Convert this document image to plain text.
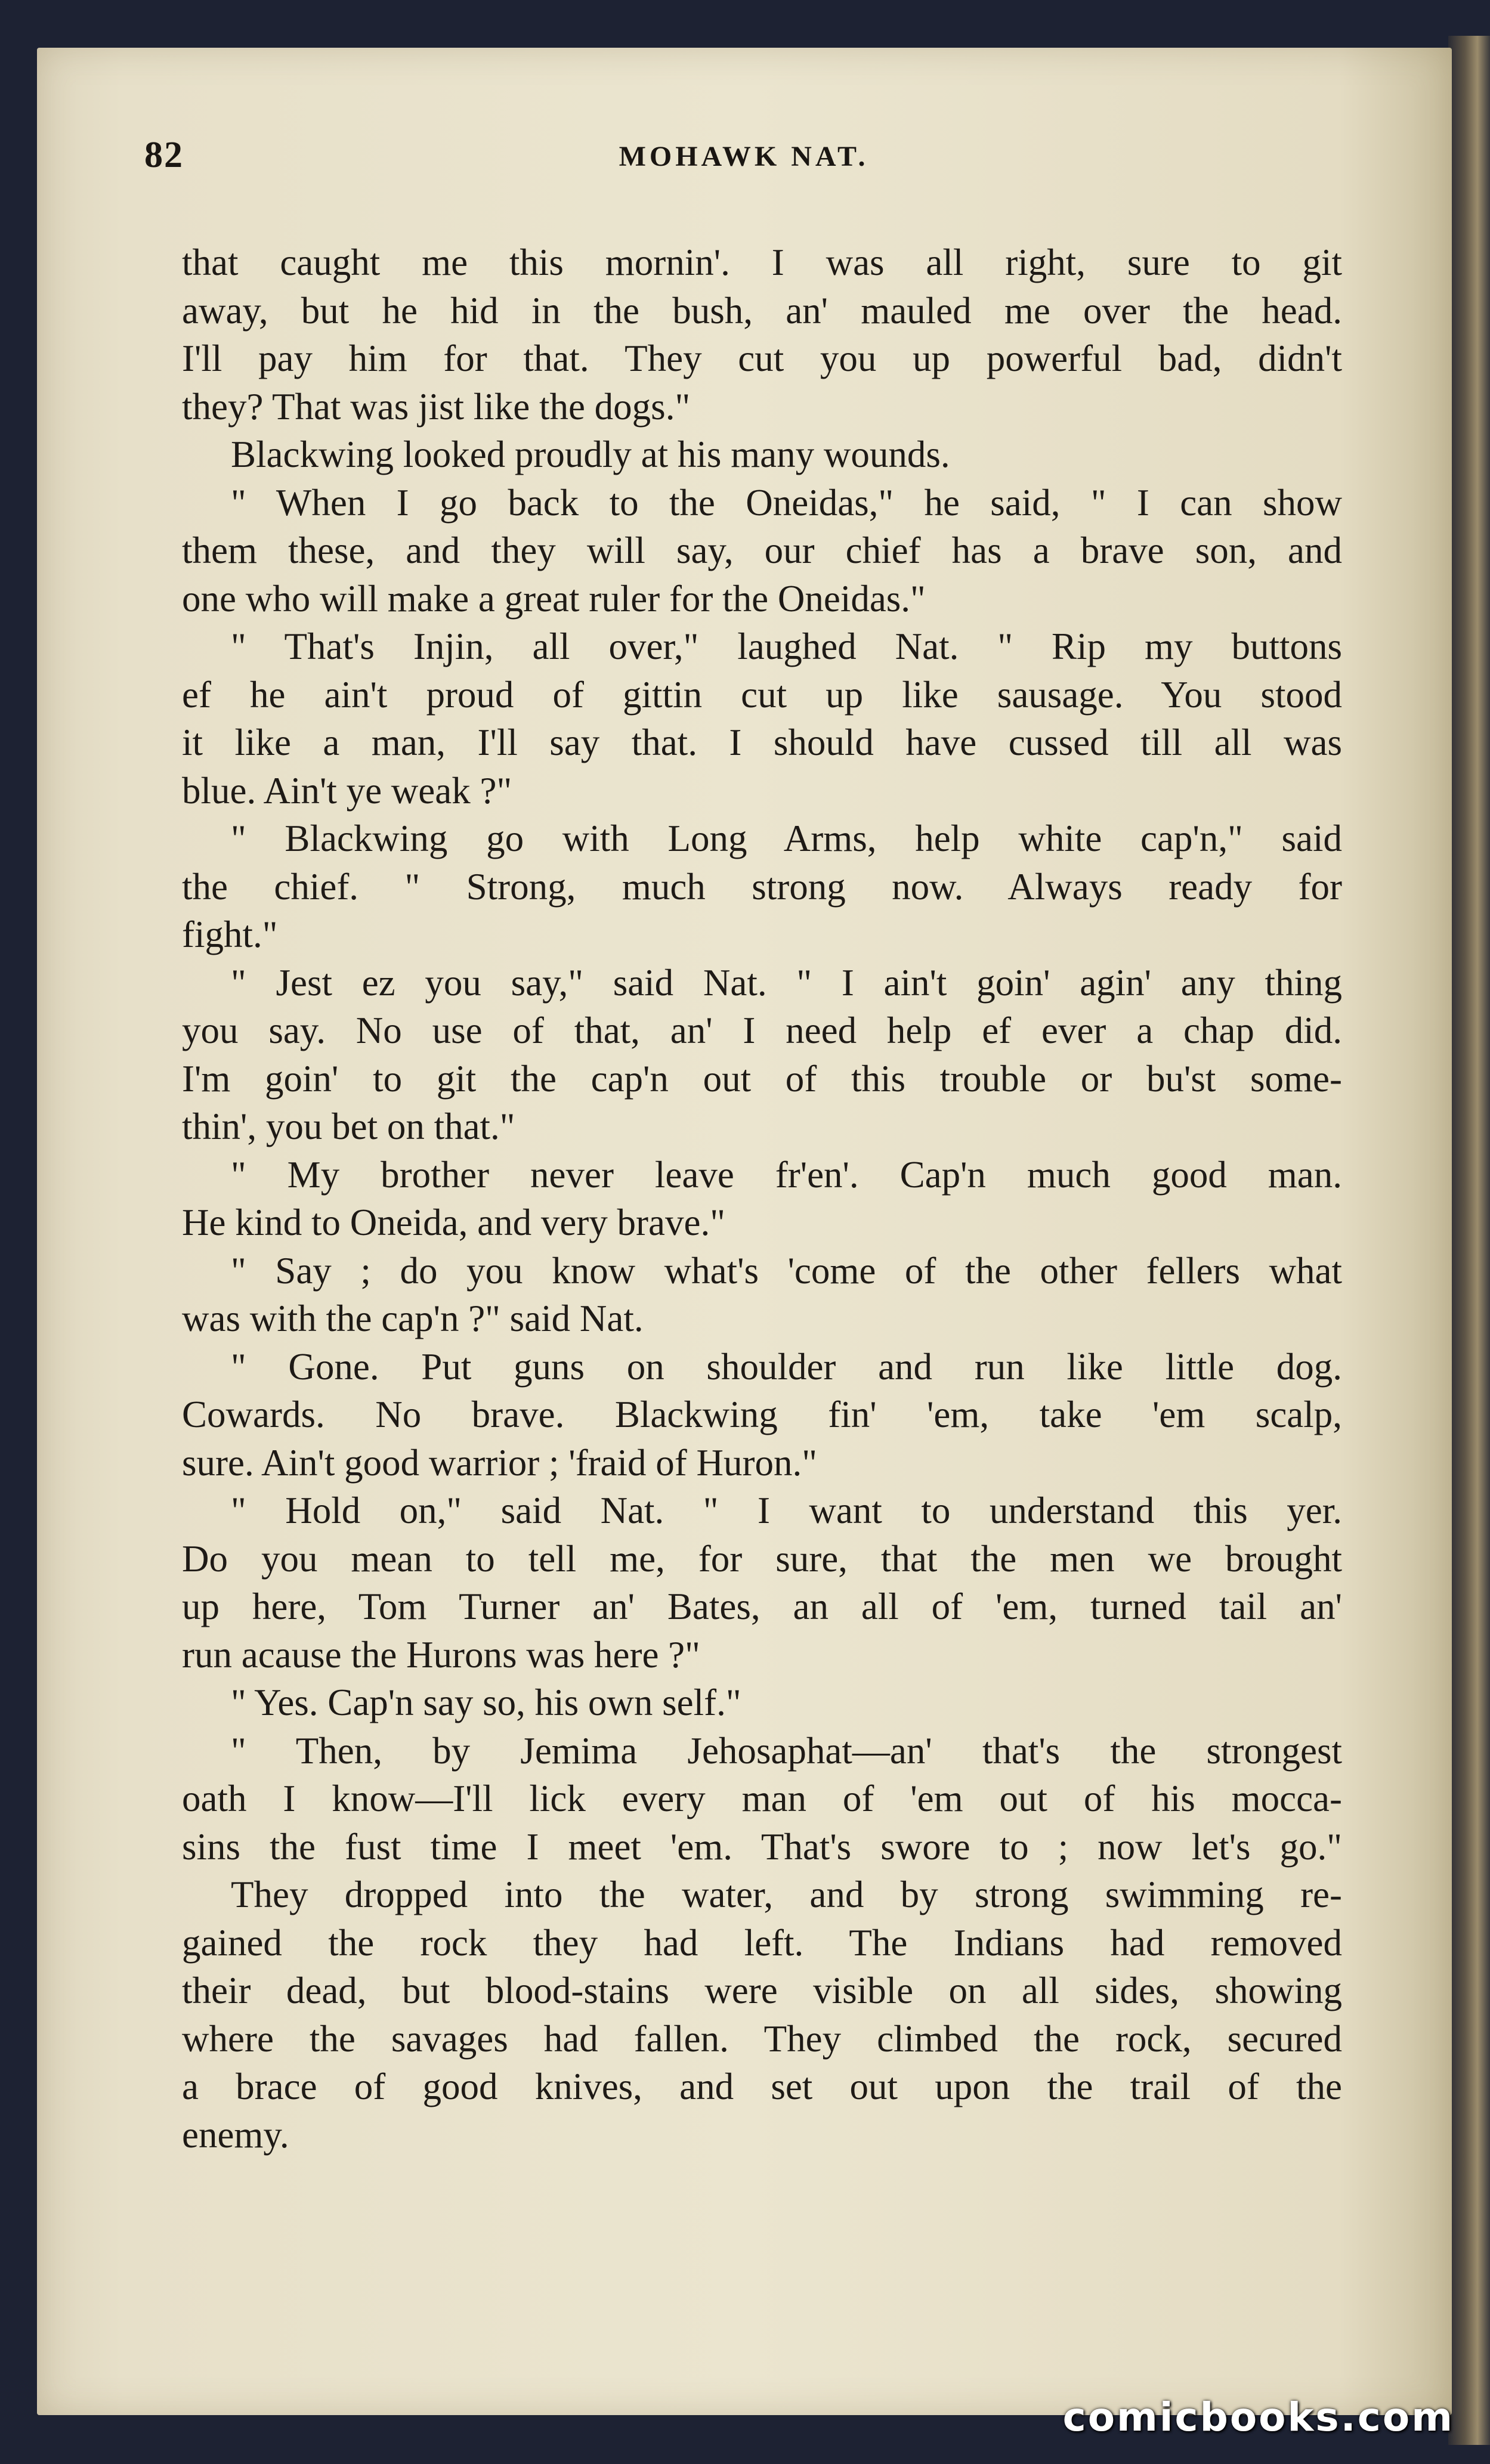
82	MOHAWK NAT.
that caught me this mornin'. I was all right, sure to git
away, but he hid in the bush, an' mauled me over the head.
I'll pay him for that. They cut you up powerful bad, didn't
they? That was jist like the dogs."
Blackwing looked proudly at his many wounds.
" When I go back to the Oneidas," he said, " I can show
them these, and they will say, our chief has a brave son, and
one who will make a great ruler for the Oneidas."
" That's Injin, all over," laughed Nat. " Rip my buttons
ef he ain't proud of gittin cut up like sausage. You stood
it like a man, I'll say that. I should have cussed till all was
blue. Ain't ye weak ?"
" Blackwing go with Long Arms, help white cap'n," said
the chief. " Strong, much strong now. Always ready for
fight."
" Jest ez you say," said Nat. " I ain't goin' agin' any thing
you say. No use of that, an' I need help ef ever a chap did.
I'm goin' to git the cap'n out of this trouble or bu'st some-
thin', you bet on that."
" My brother never leave fr'en'. Cap'n much good man.
He kind to Oneida, and very brave."
" Say ; do you know what's 'come of the other fellers what
was with the cap'n ?" said Nat.
" Gone. Put guns on shoulder and run like little dog.
Cowards. No brave. Blackwing fin' 'em, take 'em scalp,
sure. Ain't good warrior ; 'fraid of Huron."
" Hold on," said Nat. " I want to understand this yer.
Do you mean to tell me, for sure, that the men we brought
up here, Tom Turner an' Bates, an all of 'em, turned tail an'
run acause the Hurons was here ?"
" Yes. Cap'n say so, his own self."
" Then, by Jemima Jehosaphat—an' that's the strongest
oath I know—I'll lick every man of 'em out of his mocca-
sins the fust time I meet 'em. That's swore to ; now let's go."
They dropped into the water, and by strong swimming re-
gained the rock they had left. The Indians had removed
their dead, but blood-stains were visible on all sides, showing
where the savages had fallen. They climbed the rock, secured
a brace of good knives, and set out upon the trail of the
enemy.
comicbooks.com
